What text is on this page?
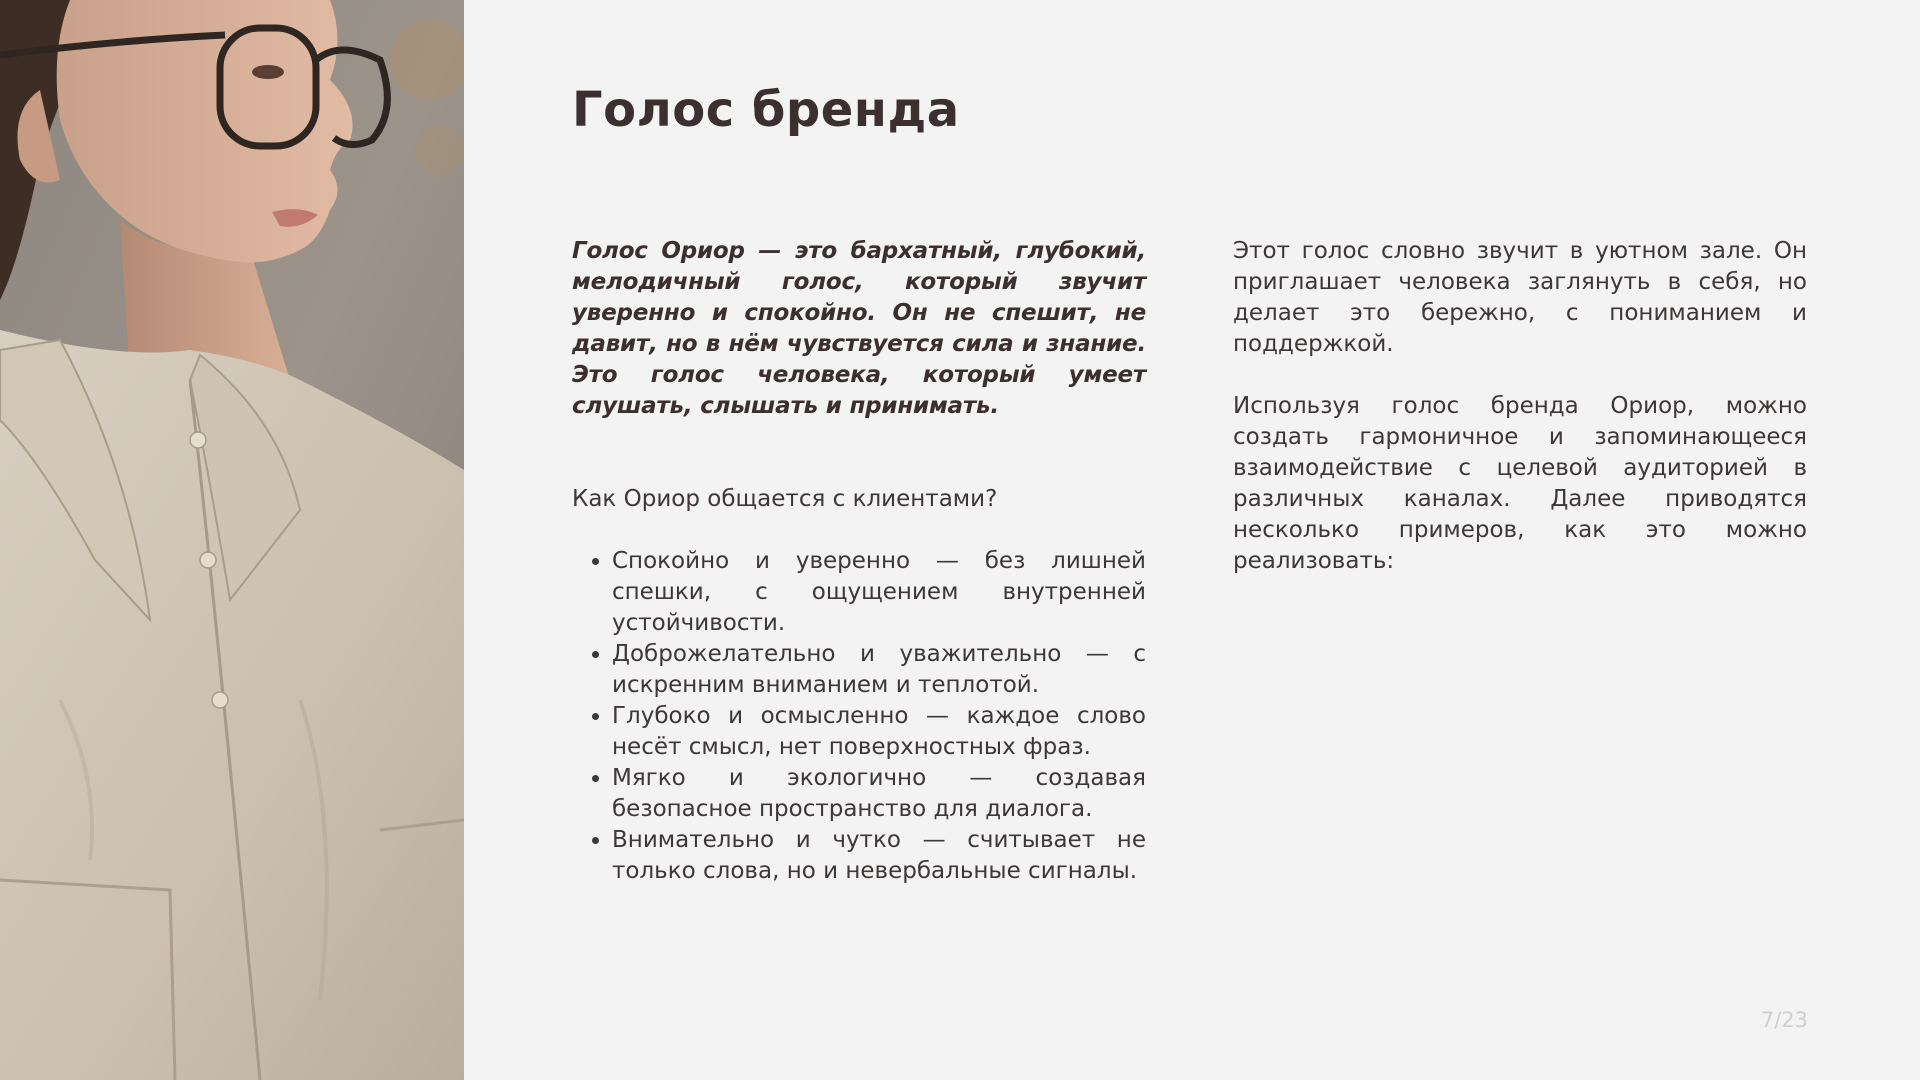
Голос бренда

Голос Ориор — это бархатный, глубокий, мелодичный голос, который звучит уверенно и спокойно. Он не спешит, не давит, но в нём чувствуется сила и знание. Это голос человека, который умеет слушать, слышать и принимать.

Как Ориор общается с клиентами?

• Спокойно и уверенно — без лишней спешки, с ощущением внутренней устойчивости.
• Доброжелательно и уважительно — с искренним вниманием и теплотой.
• Глубоко и осмысленно — каждое слово несёт смысл, нет поверхностных фраз.
• Мягко и экологично — создавая безопасное пространство для диалога.
• Внимательно и чутко — считывает не только слова, но и невербальные сигналы.

Этот голос словно звучит в уютном зале. Он приглашает человека заглянуть в себя, но делает это бережно, с пониманием и поддержкой.

Используя голос бренда Ориор, можно создать гармоничное и запоминающееся взаимодействие с целевой аудиторией в различных каналах. Далее приводятся несколько примеров, как это можно реализовать:

7/23
